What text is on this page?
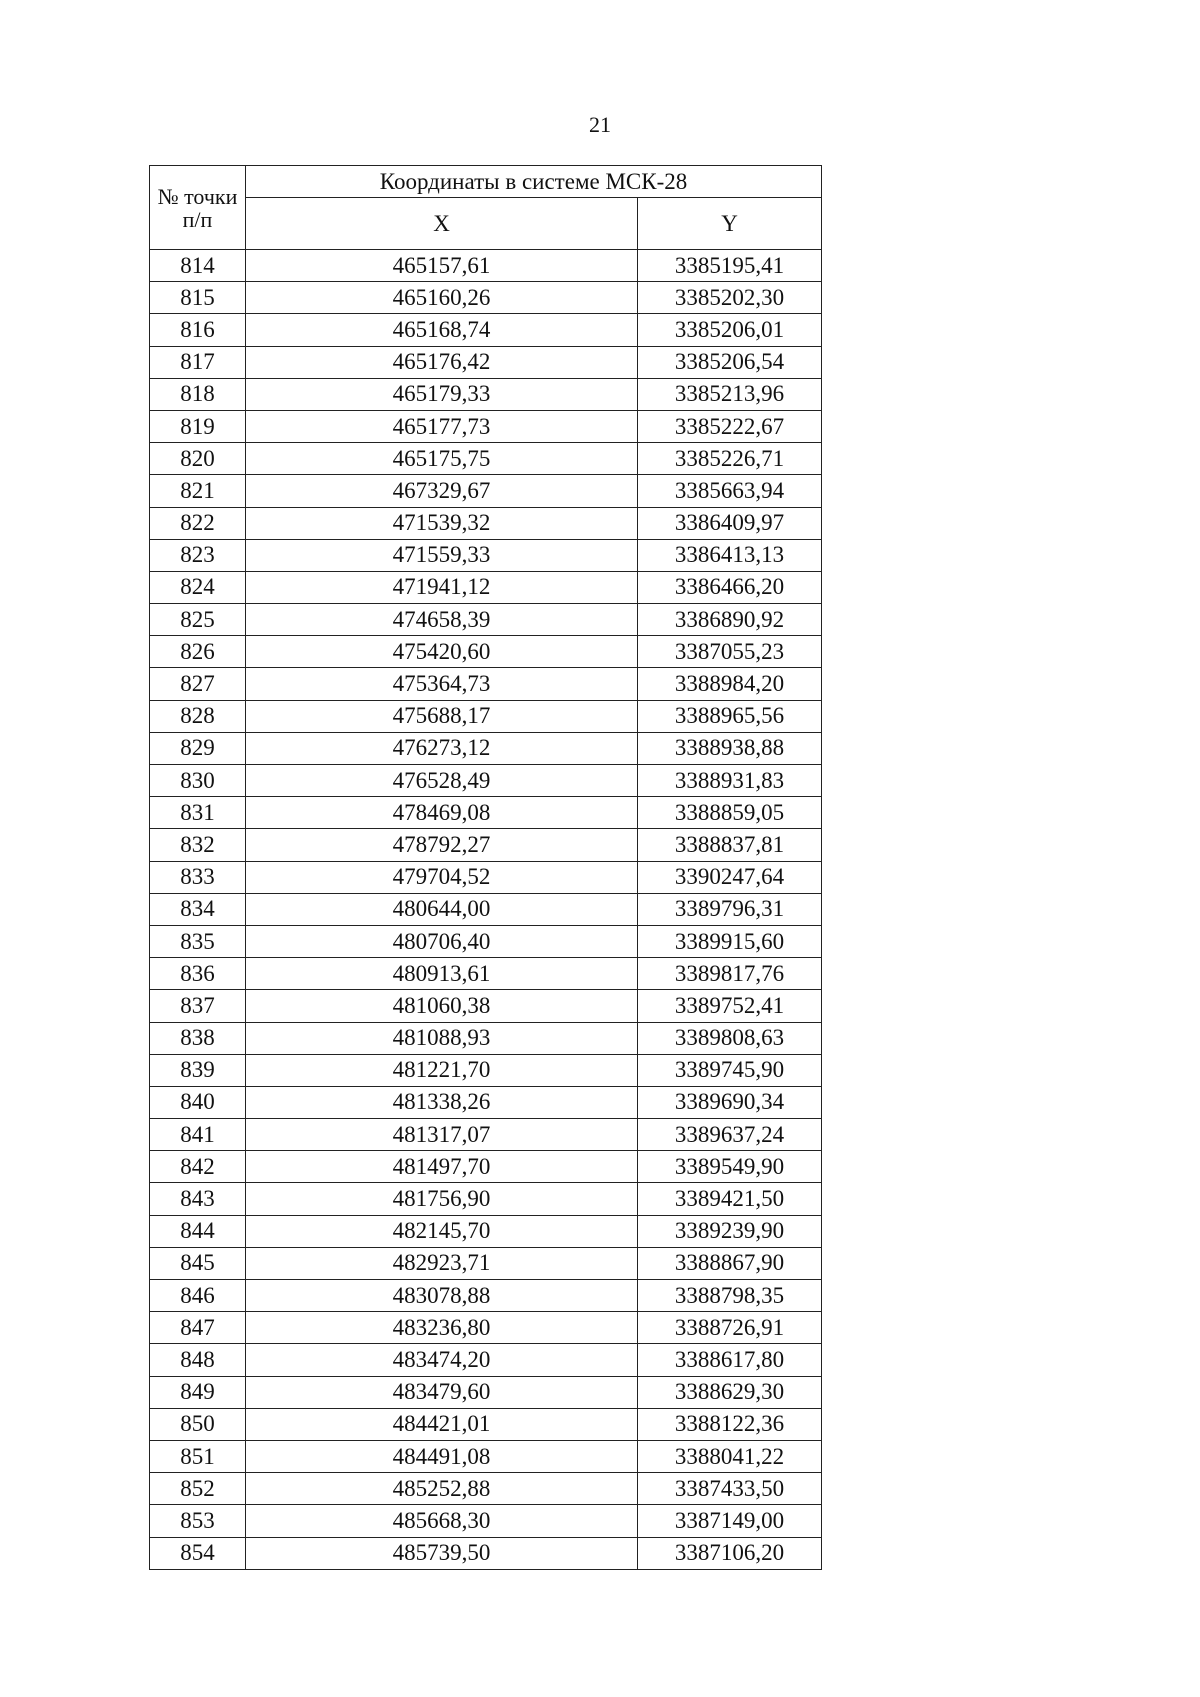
21
№ точки п/п	Координаты в системе МСК-28	
	X	Y
814	465157,61	3385195,41
815	465160,26	3385202,30
816	465168,74	3385206,01
817	465176,42	3385206,54
818	465179,33	3385213,96
819	465177,73	3385222,67
820	465175,75	3385226,71
821	467329,67	3385663,94
822	471539,32	3386409,97
823	471559,33	3386413,13
824	471941,12	3386466,20
825	474658,39	3386890,92
826	475420,60	3387055,23
827	475364,73	3388984,20
828	475688,17	3388965,56
829	476273,12	3388938,88
830	476528,49	3388931,83
831	478469,08	3388859,05
832	478792,27	3388837,81
833	479704,52	3390247,64
834	480644,00	3389796,31
835	480706,40	3389915,60
836	480913,61	3389817,76
837	481060,38	3389752,41
838	481088,93	3389808,63
839	481221,70	3389745,90
840	481338,26	3389690,34
841	481317,07	3389637,24
842	481497,70	3389549,90
843	481756,90	3389421,50
844	482145,70	3389239,90
845	482923,71	3388867,90
846	483078,88	3388798,35
847	483236,80	3388726,91
848	483474,20	3388617,80
849	483479,60	3388629,30
850	484421,01	3388122,36
851	484491,08	3388041,22
852	485252,88	3387433,50
853	485668,30	3387149,00
854	485739,50	3387106,20
